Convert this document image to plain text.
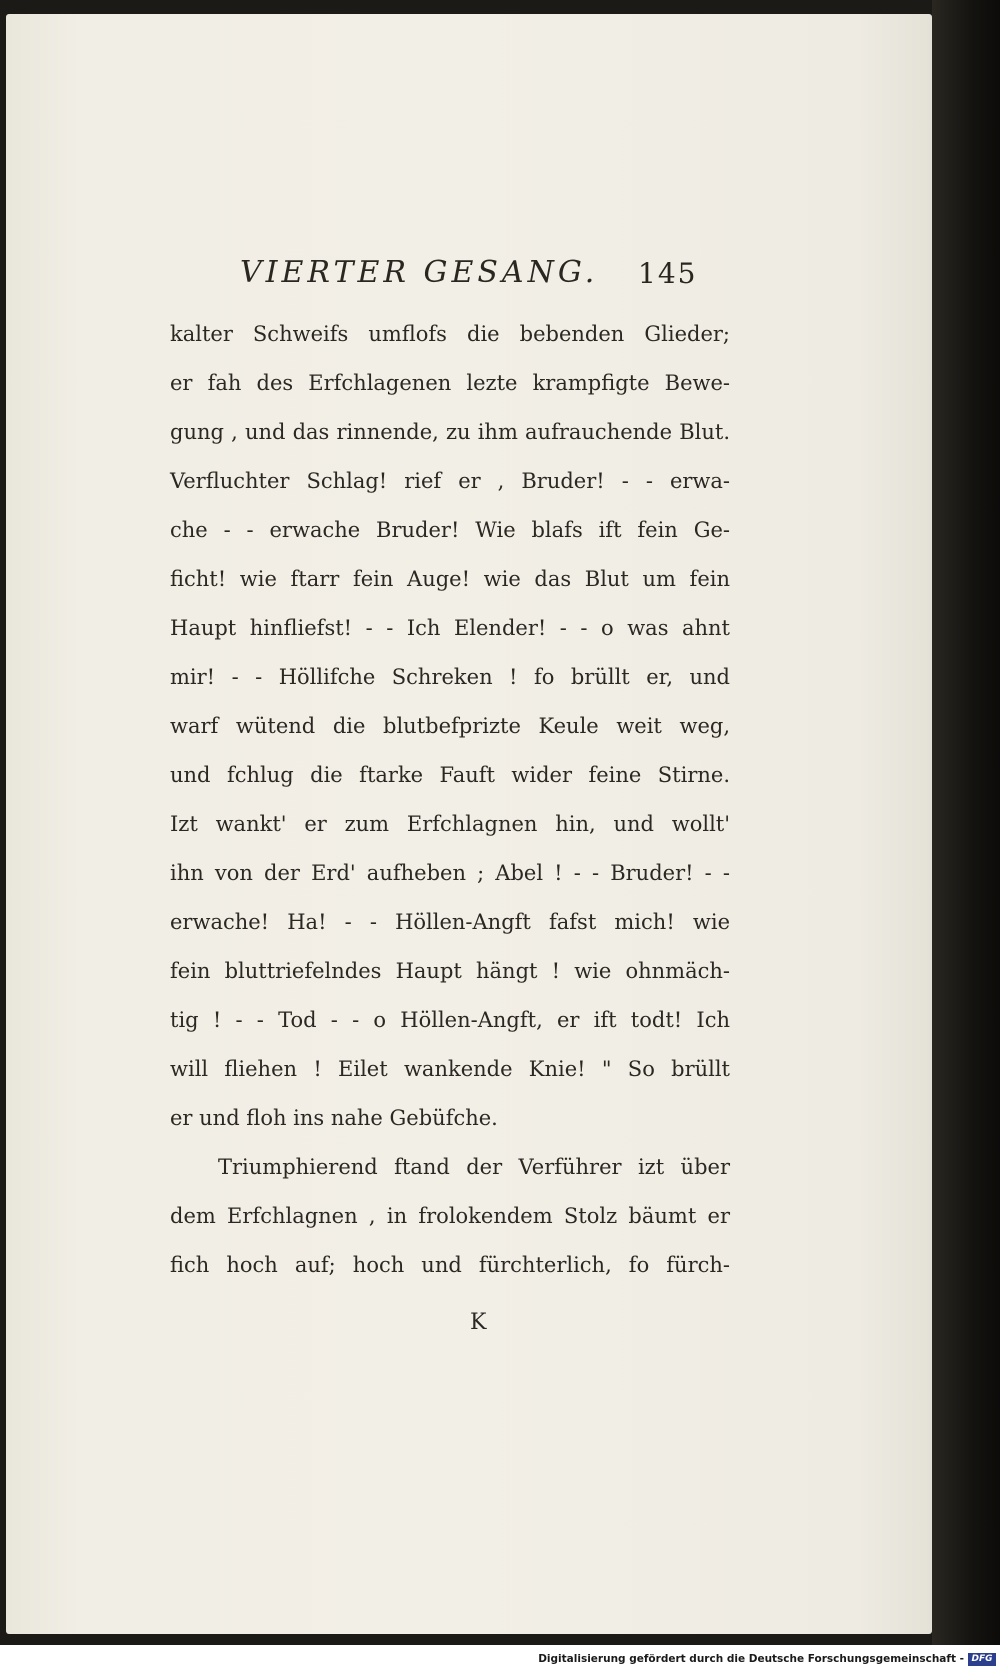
VIERTER GESANG. 145
kalter Schweifs umflofs die bebenden Glieder;
er fah des Erfchlagenen lezte krampfigte Bewe-
gung , und das rinnende, zu ihm aufrauchende Blut.
Verfluchter Schlag! rief er , Bruder! - - erwa-
che - - erwache Bruder! Wie blafs ift fein Ge-
ficht! wie ftarr fein Auge! wie das Blut um fein
Haupt hinfliefst! - - Ich Elender! - - o was ahnt
mir! - - Höllifche Schreken ! fo brüllt er, und
warf wütend die blutbefprizte Keule weit weg,
und fchlug die ftarke Fauft wider feine Stirne.
Izt wankt' er zum Erfchlagnen hin, und wollt'
ihn von der Erd' aufheben ; Abel ! - - Bruder! - -
erwache! Ha! - - Höllen-Angft fafst mich! wie
fein bluttriefelndes Haupt hängt ! wie ohnmäch-
tig ! - - Tod - - o Höllen-Angft, er ift todt! Ich
will fliehen ! Eilet wankende Knie! " So brüllt
er und floh ins nahe Gebüfche.
Triumphierend ftand der Verführer izt über
dem Erfchlagnen , in frolokendem Stolz bäumt er
fich hoch auf; hoch und fürchterlich, fo fürch-
K
Digitalisierung gefördert durch die Deutsche Forschungsgemeinschaft - DFG
